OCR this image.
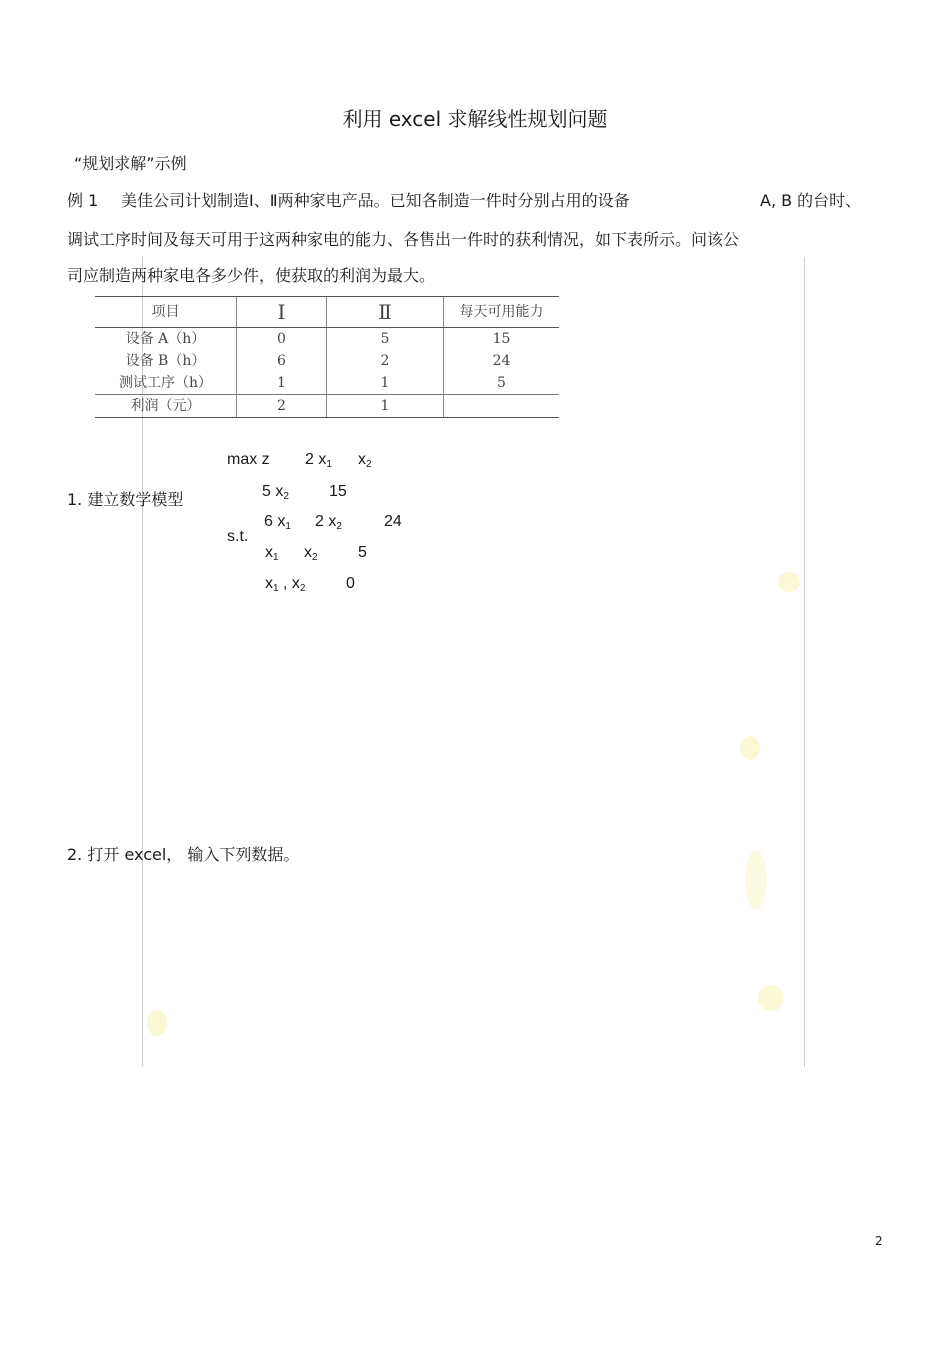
利用 excel 求解线性规划问题
“规划求解”示例
例 1 美佳公司计划制造Ⅰ、Ⅱ两种家电产品。已知各制造一件时分别占用的设备	A, B 的台时、
调试工序时间及每天可用于这两种家电的能力、各售出一件时的获利情况，如下表所示。问该公
司应制造两种家电各多少件，使获取的利润为最大。
项目	Ⅰ	Ⅱ	每天可用能力
设备 A（h）	0	5	15
设备 B（h）	6	2	24
测试工序（h）	1	1	5
利润（元）	2	1	
1. 建立数学模型
max z 2 x1 x2
s.t.
5 x2	15
6 x1 2 x2	24
x1 x2	5
x1 , x2	0
2. 打开 excel， 输入下列数据。
2
